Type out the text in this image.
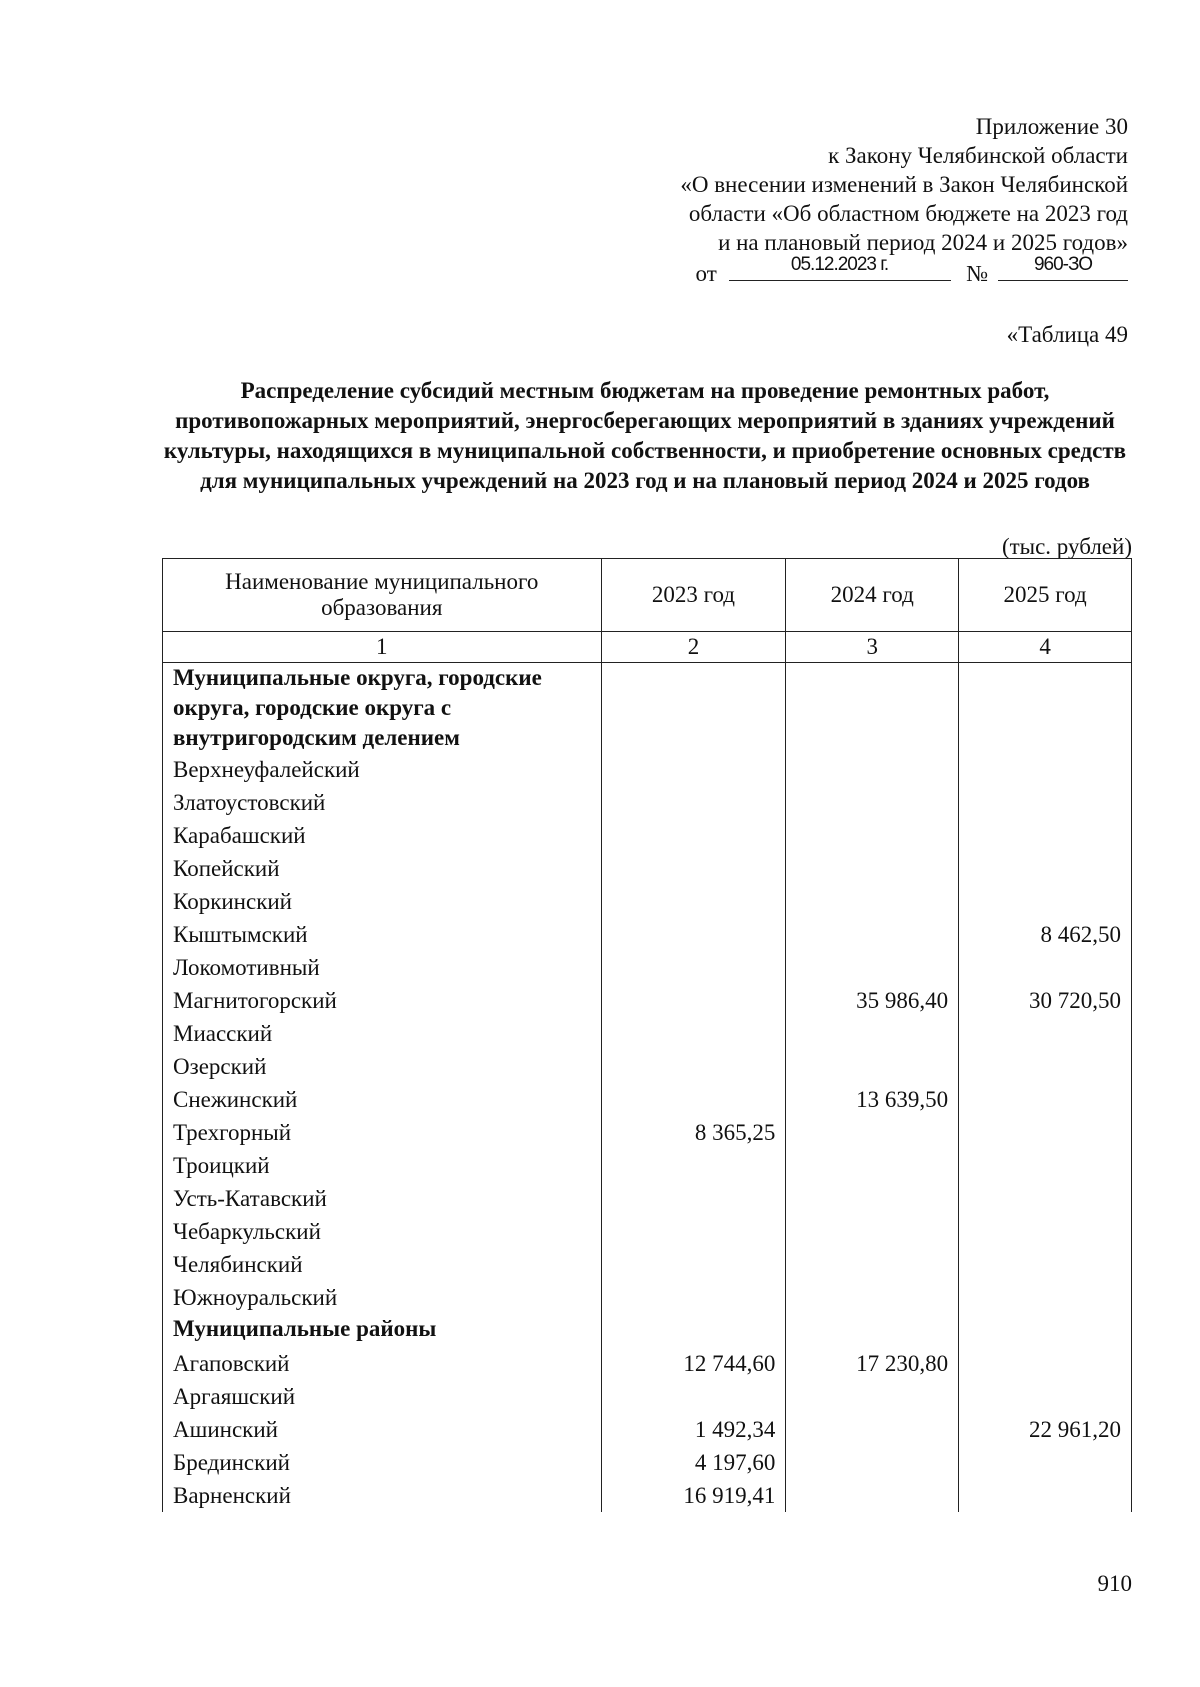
Приложение 30
к Закону Челябинской области
«О внесении изменений в Закон Челябинской
области «Об областном бюджете на 2023 год
и на плановый период 2024 и 2025 годов»
от	05.12.2023 г.	№	960-ЗО
«Таблица 49
Распределение субсидий местным бюджетам на проведение ремонтных работ, противопожарных мероприятий, энергосберегающих мероприятий в зданиях учреждений культуры, находящихся в муниципальной собственности, и приобретение основных средств для муниципальных учреждений на 2023 год и на плановый период 2024 и 2025 годов
(тыс. рублей)
Наименование муниципального образования	2023 год	2024 год	2025 год
1	2	3	4
Муниципальные округа, городские округа, городские округа с внутригородским делением			
Верхнеуфалейский			
Златоустовский			
Карабашский			
Копейский			
Коркинский			
Кыштымский			8 462,50
Локомотивный			
Магнитогорский		35 986,40	30 720,50
Миасский			
Озерский			
Снежинский		13 639,50	
Трехгорный	8 365,25		
Троицкий			
Усть-Катавский			
Чебаркульский			
Челябинский			
Южноуральский			
Муниципальные районы			
Агаповский	12 744,60	17 230,80	
Аргаяшский			
Ашинский	1 492,34		22 961,20
Брединский	4 197,60		
Варненский	16 919,41		
910
